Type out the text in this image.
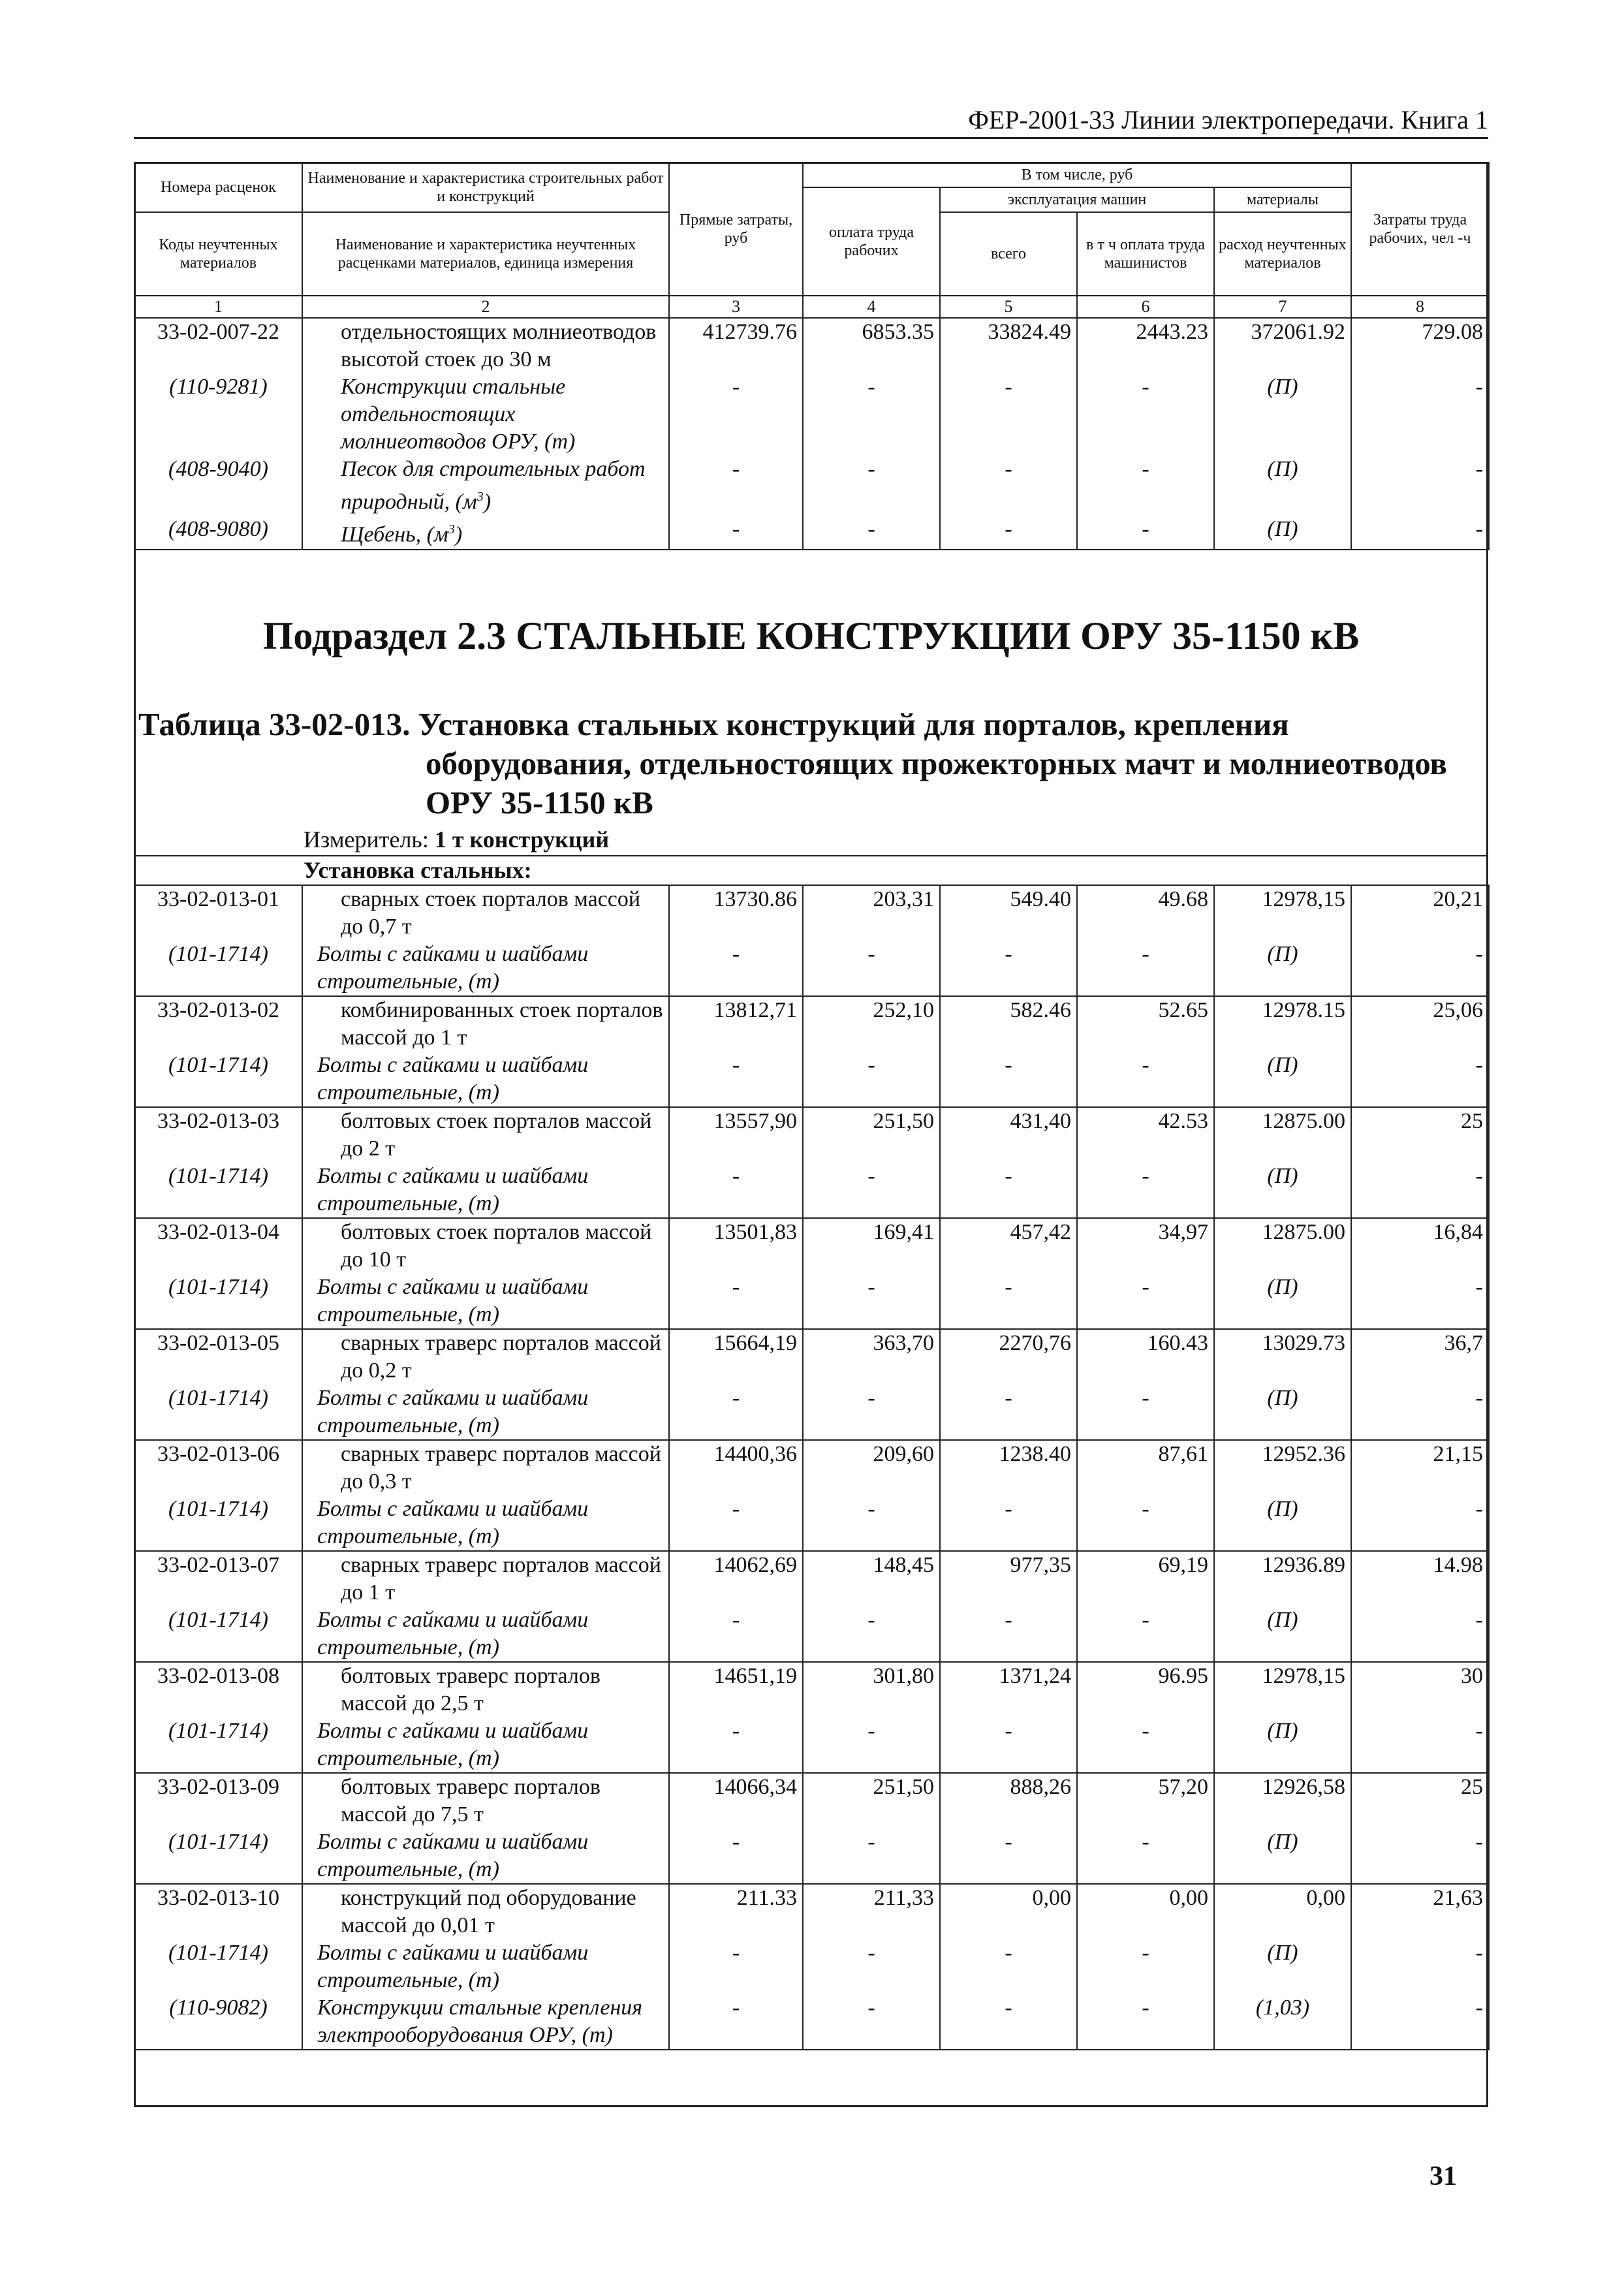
ФЕР-2001-33 Линии электропередачи. Книга 1
Номера расценок	Наименование и характеристика строительных работ и конструкций	Прямые затраты, руб	В том числе, руб				Затраты труда рабочих, чел -ч
			оплата труда рабочих	эксплуатация машин		материалы	
Коды неучтенных материалов	Наименование и характеристика неучтенных расценками материалов, единица измерения			всего	в т ч оплата труда машинистов	расход неучтенных материалов	

1	2	3	4	5	6	7	8
33-02-007-22	отдельностоящих молниеотводов высотой стоек до 30 м	412739.76	6853.35	33824.49	2443.23	372061.92	729.08
(110-9281)	Конструкции стальные отдельностоящих молниеотводов ОРУ, (т)	-	-	-	-	(П)	-
(408-9040)	Песок для строительных работ природный, $(м^3)$	-	-	-	-	(П)	-
(408-9080)	Щебень, $(м^3)$	-	-	-	-	(П)	-
Подраздел 2.3 СТАЛЬНЫЕ КОНСТРУКЦИИ ОРУ 35-1150 кВ
Таблица 33-02-013. Установка стальных конструкций для порталов, крепления
оборудования, отдельностоящих прожекторных мачт и молниеотводов
ОРУ 35-1150 кВ
Измеритель: 1 т конструкций
Установка стальных:
33-02-013-01	сварных стоек порталов массой до 0,7 т	13730.86	203,31	549.40	49.68	12978,15	20,21
(101-1714)	Болты с гайками и шайбами строительные, (т)	-	-	-	-	(П)	-
33-02-013-02	комбинированных стоек порталов массой до 1 т	13812,71	252,10	582.46	52.65	12978.15	25,06
(101-1714)	Болты с гайками и шайбами строительные, (т)	-	-	-	-	(П)	-
33-02-013-03	болтовых стоек порталов массой до 2 т	13557,90	251,50	431,40	42.53	12875.00	25
(101-1714)	Болты с гайками и шайбами строительные, (т)	-	-	-	-	(П)	-
33-02-013-04	болтовых стоек порталов массой до 10 т	13501,83	169,41	457,42	34,97	12875.00	16,84
(101-1714)	Болты с гайками и шайбами строительные, (т)	-	-	-	-	(П)	-
33-02-013-05	сварных траверс порталов массой до 0,2 т	15664,19	363,70	2270,76	160.43	13029.73	36,7
(101-1714)	Болты с гайками и шайбами строительные, (т)	-	-	-	-	(П)	-
33-02-013-06	сварных траверс порталов массой до 0,3 т	14400,36	209,60	1238.40	87,61	12952.36	21,15
(101-1714)	Болты с гайками и шайбами строительные, (т)	-	-	-	-	(П)	-
33-02-013-07	сварных траверс порталов массой до 1 т	14062,69	148,45	977,35	69,19	12936.89	14.98
(101-1714)	Болты с гайками и шайбами строительные, (т)	-	-	-	-	(П)	-
33-02-013-08	болтовых траверс порталов массой до 2,5 т	14651,19	301,80	1371,24	96.95	12978,15	30
(101-1714)	Болты с гайками и шайбами строительные, (т)	-	-	-	-	(П)	-
33-02-013-09	болтовых траверс порталов массой до 7,5 т	14066,34	251,50	888,26	57,20	12926,58	25
(101-1714)	Болты с гайками и шайбами строительные, (т)	-	-	-	-	(П)	-
33-02-013-10	конструкций под оборудование массой до 0,01 т	211.33	211,33	0,00	0,00	0,00	21,63
(101-1714)	Болты с гайками и шайбами строительные, (т)	-	-	-	-	(П)	-
(110-9082)	Конструкции стальные крепления электрооборудования ОРУ, (т)	-	-	-	-	(1,03)	-
31
